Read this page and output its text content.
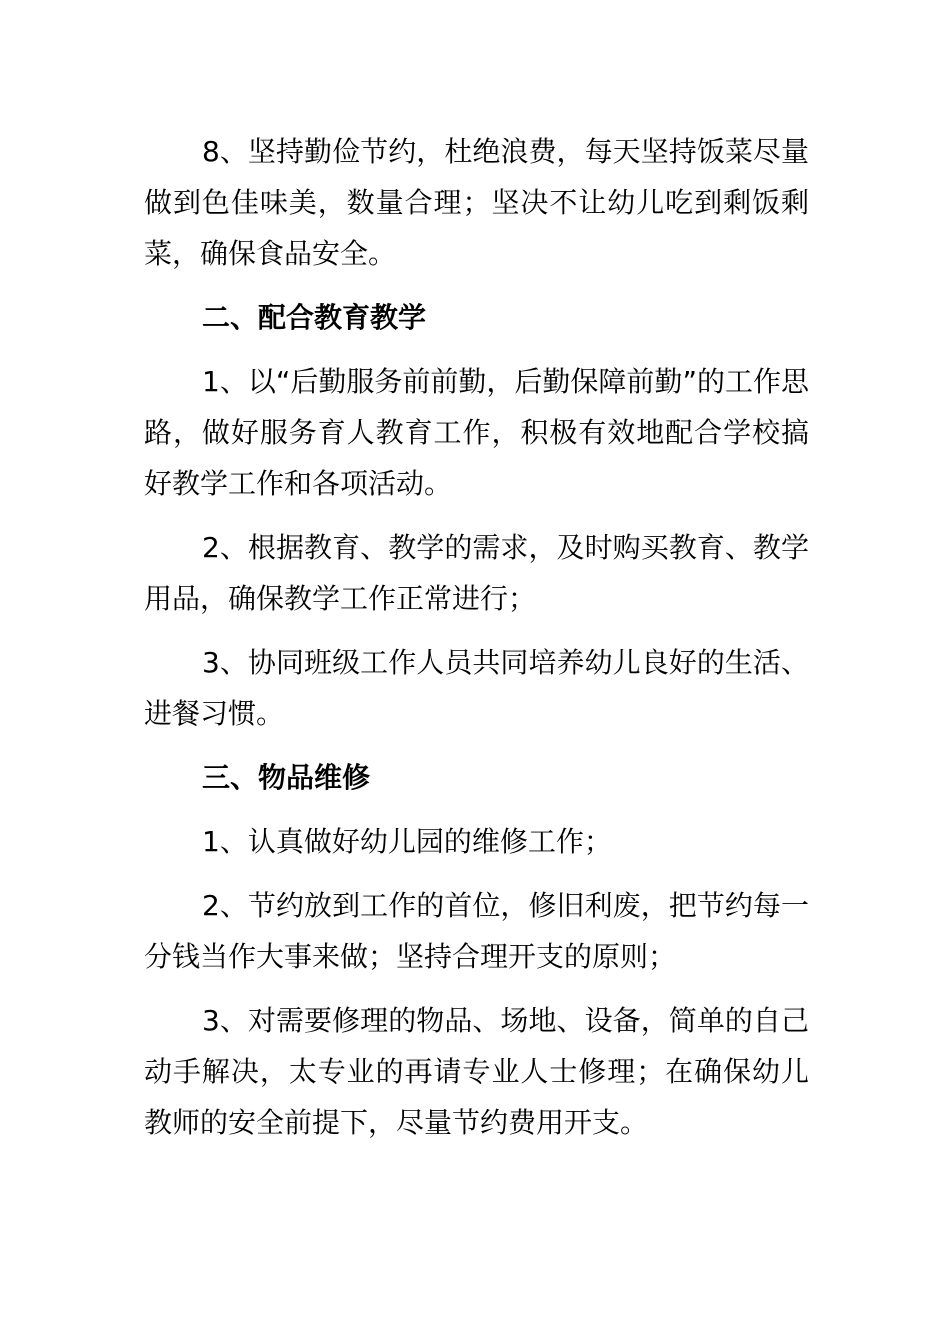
8、坚持勤俭节约，杜绝浪费，每天坚持饭菜尽量做到色佳味美，数量合理；坚决不让幼儿吃到剩饭剩菜，确保食品安全。

二、配合教育教学

1、以“后勤服务前前勤，后勤保障前勤”的工作思路，做好服务育人教育工作，积极有效地配合学校搞好教学工作和各项活动。

2、根据教育、教学的需求，及时购买教育、教学用品，确保教学工作正常进行；

3、协同班级工作人员共同培养幼儿良好的生活、进餐习惯。

三、物品维修

1、认真做好幼儿园的维修工作；

2、节约放到工作的首位，修旧利废，把节约每一分钱当作大事来做；坚持合理开支的原则；

3、对需要修理的物品、场地、设备，简单的自己动手解决，太专业的再请专业人士修理；在确保幼儿教师的安全前提下，尽量节约费用开支。
